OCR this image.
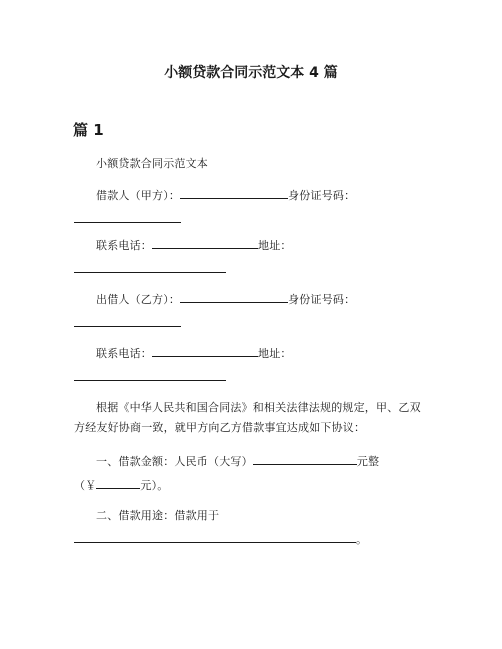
小额贷款合同示范文本 4 篇
篇 1

小额贷款合同示范文本

借款人（甲方）：	身份证号码：

联系电话：	地址：

出借人（乙方）：	身份证号码：

联系电话：	地址：

根据《中华人民共和国合同法》和相关法律法规的规定，甲、乙双

方经友好协商一致，就甲方向乙方借款事宜达成如下协议：

一、借款金额：人民币（大写）	元整

（￥	元）。

二、借款用途：借款用于

。
